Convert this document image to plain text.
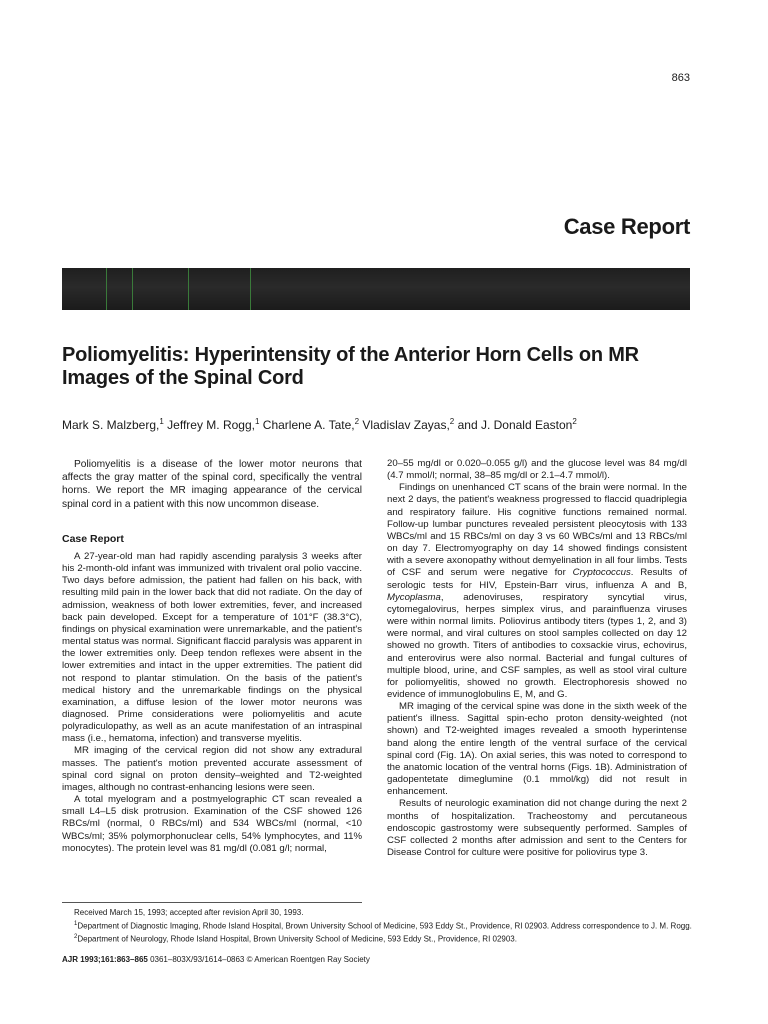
863
Case Report
Poliomyelitis: Hyperintensity of the Anterior Horn Cells on MR Images of the Spinal Cord
Mark S. Malzberg,$^1$ Jeffrey M. Rogg,$^1$ Charlene A. Tate,$^2$ Vladislav Zayas,$^2$ and J. Donald Easton$^2$

Poliomyelitis is a disease of the lower motor neurons that affects the gray matter of the spinal cord, specifically the ventral horns. We report the MR imaging appearance of the cervical spinal cord in a patient with this now uncommon disease.

Case Report

A 27-year-old man had rapidly ascending paralysis 3 weeks after his 2-month-old infant was immunized with trivalent oral polio vaccine. Two days before admission, the patient had fallen on his back, with resulting mild pain in the lower back that did not radiate. On the day of admission, weakness of both lower extremities, fever, and increased back pain developed. Except for a temperature of 101°F (38.3°C), findings on physical examination were unremarkable, and the patient's mental status was normal. Significant flaccid paralysis was apparent in the lower extremities only. Deep tendon reflexes were absent in the lower extremities and intact in the upper extremities. The patient did not respond to plantar stimulation. On the basis of the patient's medical history and the unremarkable findings on the physical examination, a diffuse lesion of the lower motor neurons was diagnosed. Prime considerations were poliomyelitis and acute polyradiculopathy, as well as an acute manifestation of an intraspinal mass (i.e., hematoma, infection) and transverse myelitis.

MR imaging of the cervical region did not show any extradural masses. The patient's motion prevented accurate assessment of spinal cord signal on proton density–weighted and T2-weighted images, although no contrast-enhancing lesions were seen.

A total myelogram and a postmyelographic CT scan revealed a small L4–L5 disk protrusion. Examination of the CSF showed 126 RBCs/ml (normal, 0 RBCs/ml) and 534 WBCs/ml (normal, <10 WBCs/ml; 35% polymorphonuclear cells, 54% lymphocytes, and 11% monocytes). The protein level was 81 mg/dl (0.081 g/l; normal,

20–55 mg/dl or 0.020–0.055 g/l) and the glucose level was 84 mg/dl (4.7 mmol/l; normal, 38–85 mg/dl or 2.1–4.7 mmol/l).

Findings on unenhanced CT scans of the brain were normal. In the next 2 days, the patient's weakness progressed to flaccid quadriplegia and respiratory failure. His cognitive functions remained normal. Follow-up lumbar punctures revealed persistent pleocytosis with 133 WBCs/ml and 15 RBCs/ml on day 3 vs 60 WBCs/ml and 13 RBCs/ml on day 7. Electromyography on day 14 showed findings consistent with a severe axonopathy without demyelination in all four limbs. Tests of CSF and serum were negative for Cryptococcus. Results of serologic tests for HIV, Epstein-Barr virus, influenza A and B, Mycoplasma, adenoviruses, respiratory syncytial virus, cytomegalovirus, herpes simplex virus, and parainfluenza viruses were within normal limits. Poliovirus antibody titers (types 1, 2, and 3) were normal, and viral cultures on stool samples collected on day 12 showed no growth. Titers of antibodies to coxsackie virus, echovirus, and enterovirus were also normal. Bacterial and fungal cultures of multiple blood, urine, and CSF samples, as well as stool viral culture for poliomyelitis, showed no growth. Electrophoresis showed no evidence of immunoglobulins E, M, and G.

MR imaging of the cervical spine was done in the sixth week of the patient's illness. Sagittal spin-echo proton density-weighted (not shown) and T2-weighted images revealed a smooth hyperintense band along the entire length of the ventral surface of the cervical spinal cord (Fig. 1A). On axial series, this was noted to correspond to the anatomic location of the ventral horns (Figs. 1B). Administration of gadopentetate dimeglumine (0.1 mmol/kg) did not result in enhancement.

Results of neurologic examination did not change during the next 2 months of hospitalization. Tracheostomy and percutaneous endoscopic gastrostomy were subsequently performed. Samples of CSF collected 2 months after admission and sent to the Centers for Disease Control for culture were positive for poliovirus type 3.

Received March 15, 1993; accepted after revision April 30, 1993.
$^1$Department of Diagnostic Imaging, Rhode Island Hospital, Brown University School of Medicine, 593 Eddy St., Providence, RI 02903. Address correspondence to J. M. Rogg.
$^2$Department of Neurology, Rhode Island Hospital, Brown University School of Medicine, 593 Eddy St., Providence, RI 02903.
AJR 1993;161:863–865 0361–803X/93/1614–0863 © American Roentgen Ray Society
